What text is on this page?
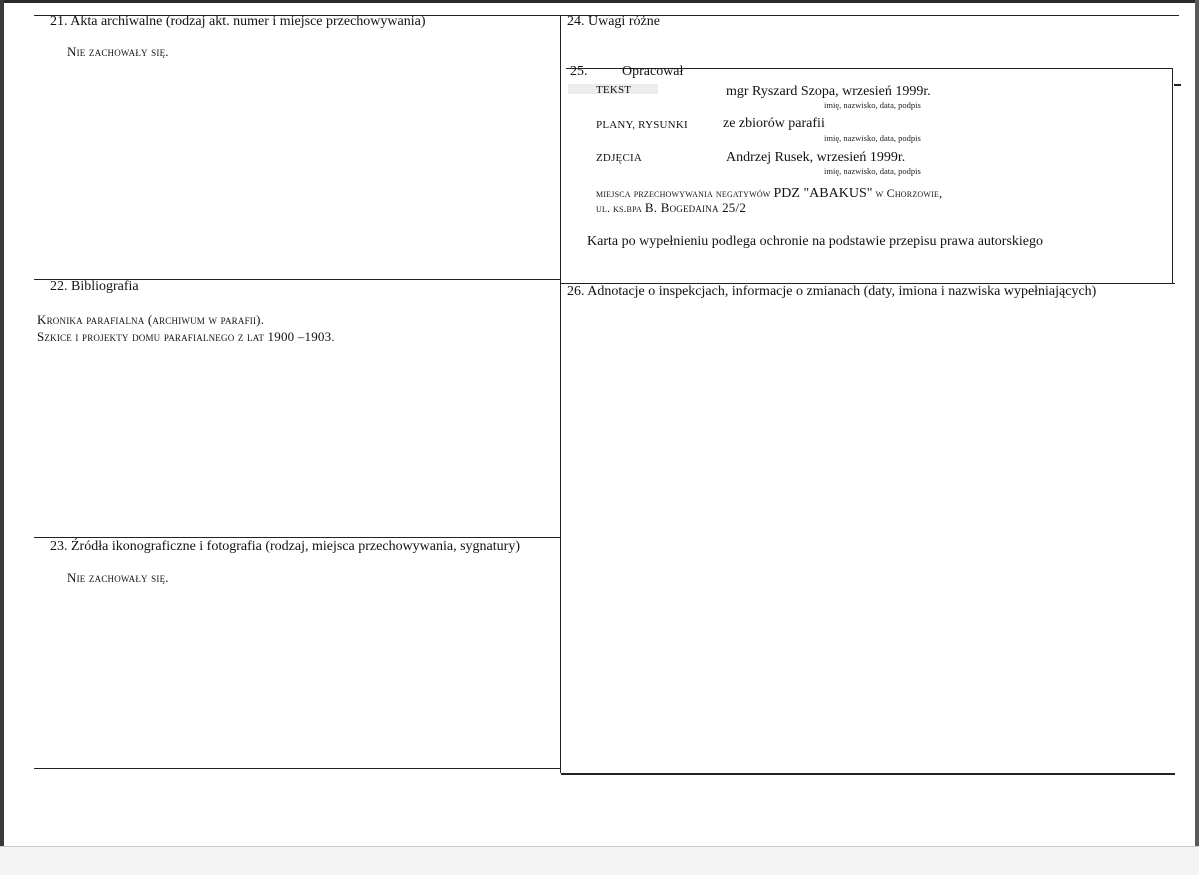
21. Akta archiwalne (rodzaj akt. numer i miejsce przechowywania)
Nie zachowały się.
22. Bibliografia
Kronika parafialna (archiwum w parafii).
Szkice i projekty domu parafialnego z lat 1900 –1903.
23. Źródła ikonograficzne i fotografia (rodzaj, miejsca przechowywania, sygnatury)
Nie zachowały się.
24. Uwagi różne
25. Opracował
TEKST	mgr Ryszard Szopa, wrzesień 1999r.
imię, nazwisko, data, podpis
PLANY, RYSUNKI	ze zbiorów parafii
imię, nazwisko, data, podpis
ZDJĘCIA	Andrzej Rusek, wrzesień 1999r.
imię, nazwisko, data, podpis
miejsca przechowywania negatywów PDZ "ABAKUS" w Chorzowie,
ul. ks.bpa B. Bogedaina 25/2
Karta po wypełnieniu podlega ochronie na podstawie przepisu prawa autorskiego
26. Adnotacje o inspekcjach, informacje o zmianach (daty, imiona i nazwiska wypełniających)
